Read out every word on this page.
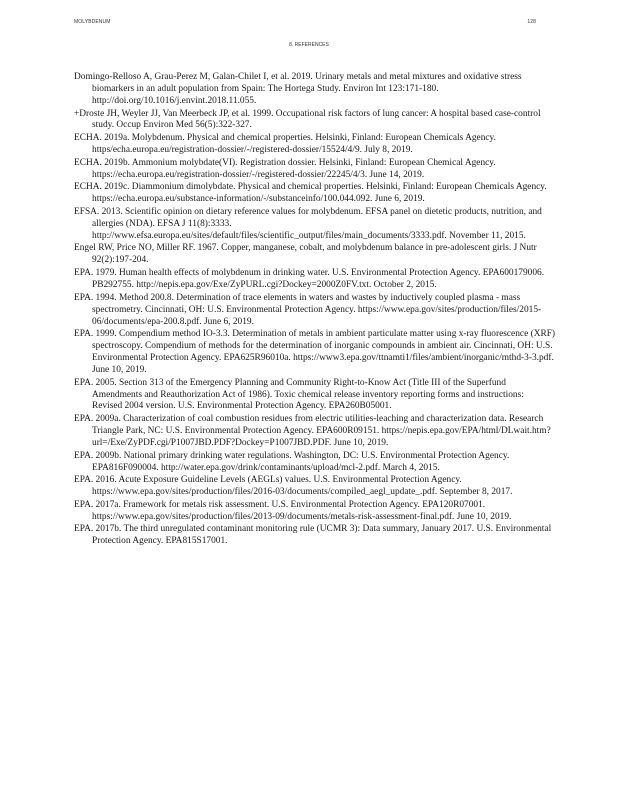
MOLYBDENUM	128
8. REFERENCES

Domingo-Relloso A, Grau-Perez M, Galan-Chilet I, et al. 2019. Urinary metals and metal mixtures and oxidative stress biomarkers in an adult population from Spain: The Hortega Study. Environ Int 123:171-180. http://doi.org/10.1016/j.envint.2018.11.055.

+Droste JH, Weyler JJ, Van Meerbeck JP, et al. 1999. Occupational risk factors of lung cancer: A hospital based case-control study. Occup Environ Med 56(5):322-327.

ECHA. 2019a. Molybdenum. Physical and chemical properties. Helsinki, Finland: European Chemicals Agency. https/echa.europa.eu/registration-dossier/-/registered-dossier/15524/4/9. July 8, 2019.

ECHA. 2019b. Ammonium molybdate(VI). Registration dossier. Helsinki, Finland: European Chemical Agency. https://echa.europa.eu/registration-dossier/-/registered-dossier/22245/4/3. June 14, 2019.

ECHA. 2019c. Diammonium dimolybdate. Physical and chemical properties. Helsinki, Finland: European Chemicals Agency. https://echa.europa.eu/substance-information/-/substanceinfo/100.044.092. June 6, 2019.

EFSA. 2013. Scientific opinion on dietary reference values for molybdenum. EFSA panel on dietetic products, nutrition, and allergies (NDA). EFSA J 11(8):3333. http://www.efsa.europa.eu/sites/default/files/scientific_output/files/main_documents/3333.pdf. November 11, 2015.

Engel RW, Price NO, Miller RF. 1967. Copper, manganese, cobalt, and molybdenum balance in pre-adolescent girls. J Nutr 92(2):197-204.

EPA. 1979. Human health effects of molybdenum in drinking water. U.S. Environmental Protection Agency. EPA600179006. PB292755. http://nepis.epa.gov/Exe/ZyPURL.cgi?Dockey=2000Z0FV.txt. October 2, 2015.

EPA. 1994. Method 200.8. Determination of trace elements in waters and wastes by inductively coupled plasma - mass spectrometry. Cincinnati, OH: U.S. Environmental Protection Agency. https://www.epa.gov/sites/production/files/2015-06/documents/epa-200.8.pdf. June 6, 2019.

EPA. 1999. Compendium method IO-3.3. Determination of metals in ambient particulate matter using x-ray fluorescence (XRF) spectroscopy. Compendium of methods for the determination of inorganic compounds in ambient air. Cincinnati, OH: U.S. Environmental Protection Agency. EPA625R96010a. https://www3.epa.gov/ttnamti1/files/ambient/inorganic/mthd-3-3.pdf. June 10, 2019.

EPA. 2005. Section 313 of the Emergency Planning and Community Right-to-Know Act (Title III of the Superfund Amendments and Reauthorization Act of 1986). Toxic chemical release inventory reporting forms and instructions: Revised 2004 version. U.S. Environmental Protection Agency. EPA260B05001.

EPA. 2009a. Characterization of coal combustion residues from electric utilities-leaching and characterization data. Research Triangle Park, NC: U.S. Environmental Protection Agency. EPA600R09151. https://nepis.epa.gov/EPA/html/DLwait.htm?url=/Exe/ZyPDF.cgi/P1007JBD.PDF?Dockey=P1007JBD.PDF. June 10, 2019.

EPA. 2009b. National primary drinking water regulations. Washington, DC: U.S. Environmental Protection Agency. EPA816F090004. http://water.epa.gov/drink/contaminants/upload/mcl-2.pdf. March 4, 2015.

EPA. 2016. Acute Exposure Guideline Levels (AEGLs) values. U.S. Environmental Protection Agency. https://www.epa.gov/sites/production/files/2016-03/documents/compiled_aegl_update_.pdf. September 8, 2017.

EPA. 2017a. Framework for metals risk assessment. U.S. Environmental Protection Agency. EPA120R07001. https://www.epa.gov/sites/production/files/2013-09/documents/metals-risk-assessment-final.pdf. June 10, 2019.

EPA. 2017b. The third unregulated contaminant monitoring rule (UCMR 3): Data summary, January 2017. U.S. Environmental Protection Agency. EPA815S17001.
